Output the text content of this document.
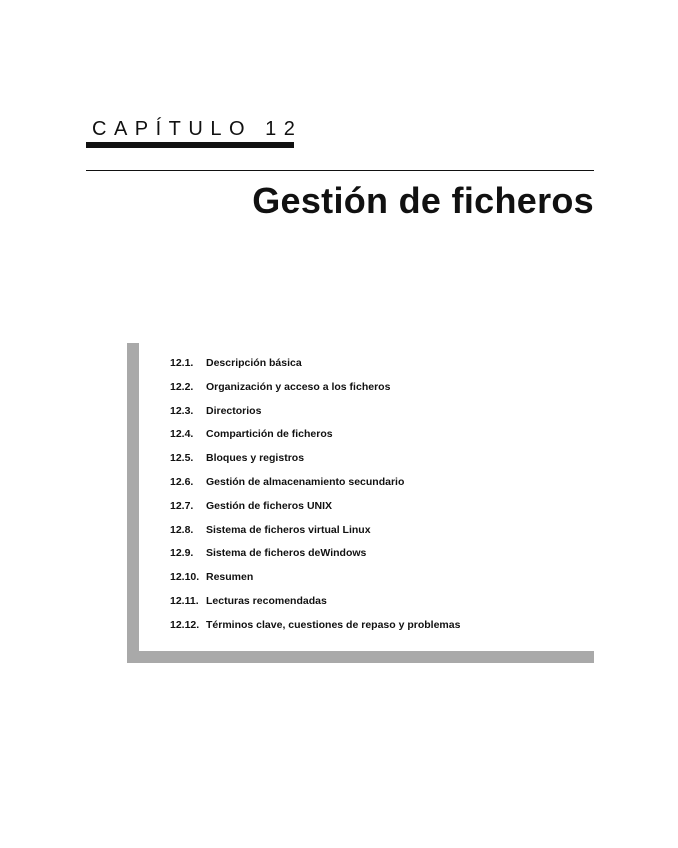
CAPÍTULO 12
Gestión de ficheros
12.1.	Descripción básica
12.2.	Organización y acceso a los ficheros
12.3.	Directorios
12.4.	Compartición de ficheros
12.5.	Bloques y registros
12.6.	Gestión de almacenamiento secundario
12.7.	Gestión de ficheros UNIX
12.8.	Sistema de ficheros virtual Linux
12.9.	Sistema de ficheros deWindows
12.10. Resumen
12.11. Lecturas recomendadas
12.12. Términos clave, cuestiones de repaso y problemas
